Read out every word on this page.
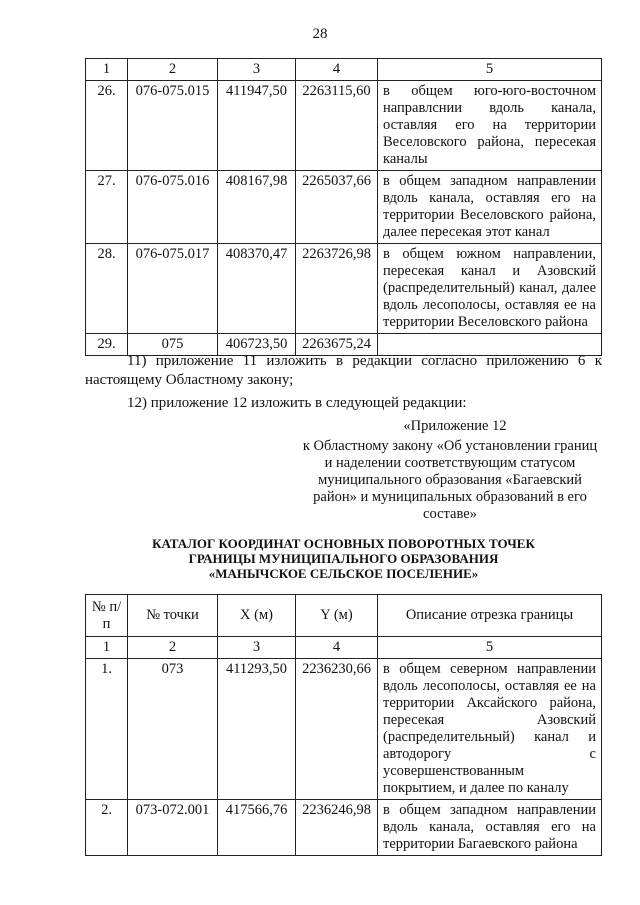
28
1	2	3	4	5
26.	076-075.015	411947,50	2263115,60	в общем юго-юго-восточном направлснии вдоль канала, оставляя его на территории Веселовского района, пересекая каналы
27.	076-075.016	408167,98	2265037,66	в общем западном направлении вдоль канала, оставляя его на территории Веселовского района, далее пересекая этот канал
28.	076-075.017	408370,47	2263726,98	в общем южном направлении, пересекая канал и Азовский (распределительный) канал, далее вдоль лесополосы, оставляя ее на территории Веселовского района
29.	075	406723,50	2263675,24	
11) приложение 11 изложить в редакции согласно приложению 6 к настоящему Областному закону;
12) приложение 12 изложить в следующей редакции:
«Приложение 12
к Областному закону «Об установлении границ и наделении соответствующим статусом муниципального образования «Багаевский район» и муниципальных образований в его составе»
КАТАЛОГ КООРДИНАТ ОСНОВНЫХ ПОВОРОТНЫХ ТОЧЕК
ГРАНИЦЫ МУНИЦИПАЛЬНОГО ОБРАЗОВАНИЯ
«МАНЫЧСКОЕ СЕЛЬСКОЕ ПОСЕЛЕНИЕ»
№ п/п	№ точки	X (м)	Y (м)	Описание отрезка границы
1	2	3	4	5
1.	073	411293,50	2236230,66	в общем северном направлении вдоль лесополосы, оставляя ее на территории Аксайского района, пересекая Азовский (распределительный) канал и автодорогу с усовершенствованным покрытием, и далее по каналу
2.	073-072.001	417566,76	2236246,98	в общем западном направлении вдоль канала, оставляя его на территории Багаевского района
